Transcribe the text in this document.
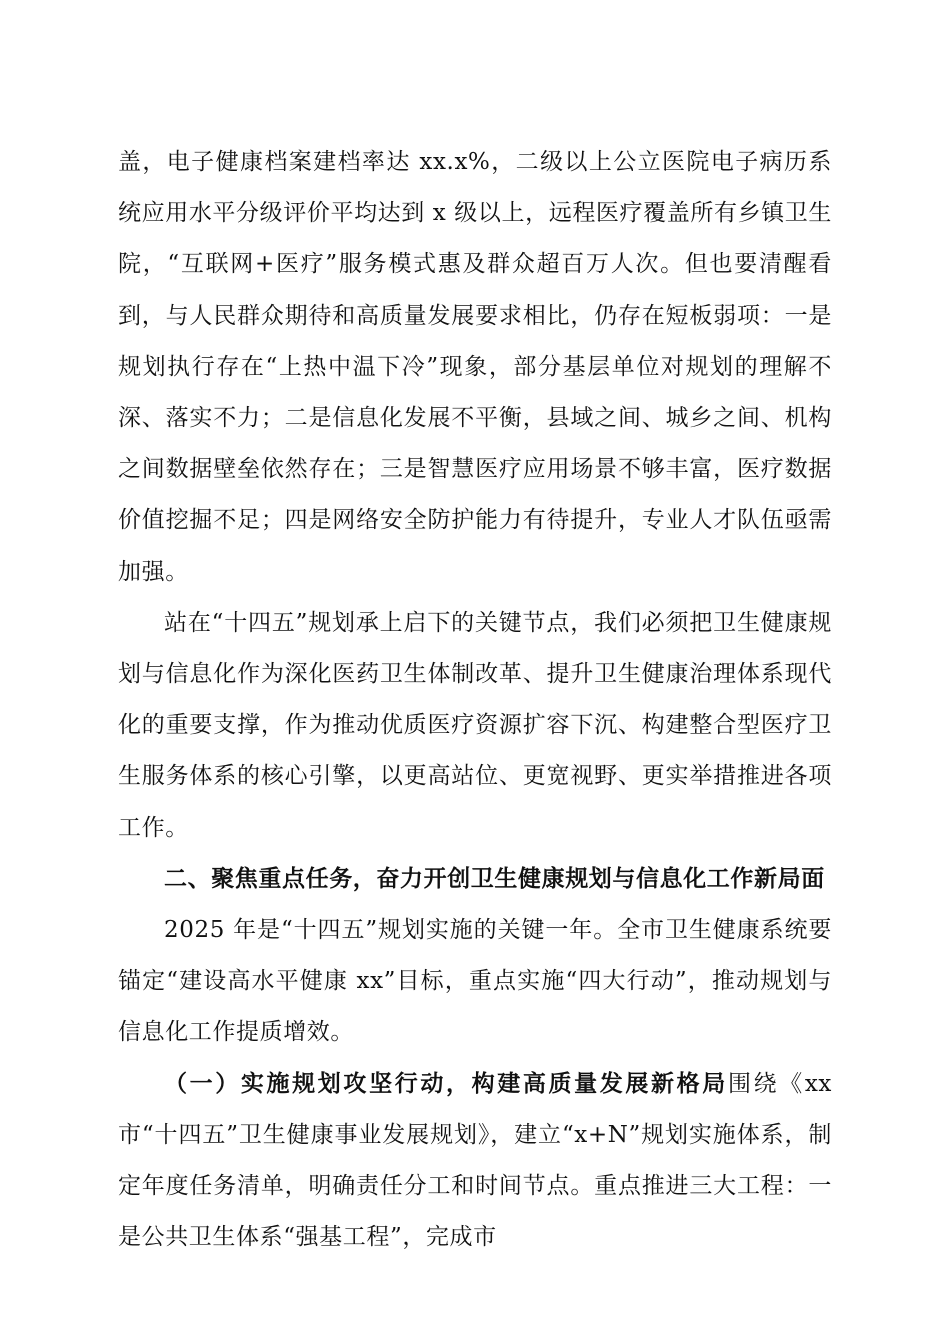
盖，电子健康档案建档率达 xx.x%，二级以上公立医院电子病历系统应用水平分级评价平均达到 x 级以上，远程医疗覆盖所有乡镇卫生院，“互联网+医疗”服务模式惠及群众超百万人次。但也要清醒看到，与人民群众期待和高质量发展要求相比，仍存在短板弱项：一是规划执行存在“上热中温下冷”现象，部分基层单位对规划的理解不深、落实不力；二是信息化发展不平衡，县域之间、城乡之间、机构之间数据壁垒依然存在；三是智慧医疗应用场景不够丰富，医疗数据价值挖掘不足；四是网络安全防护能力有待提升，专业人才队伍亟需加强。

站在“十四五”规划承上启下的关键节点，我们必须把卫生健康规划与信息化作为深化医药卫生体制改革、提升卫生健康治理体系现代化的重要支撑，作为推动优质医疗资源扩容下沉、构建整合型医疗卫生服务体系的核心引擎，以更高站位、更宽视野、更实举措推进各项工作。

二、聚焦重点任务，奋力开创卫生健康规划与信息化工作新局面

2025 年是“十四五”规划实施的关键一年。全市卫生健康系统要锚定“建设高水平健康 xx”目标，重点实施“四大行动”，推动规划与信息化工作提质增效。

（一）实施规划攻坚行动，构建高质量发展新格局围绕《xx 市“十四五”卫生健康事业发展规划》，建立“x+N”规划实施体系，制定年度任务清单，明确责任分工和时间节点。重点推进三大工程：一是公共卫生体系“强基工程”，完成市
